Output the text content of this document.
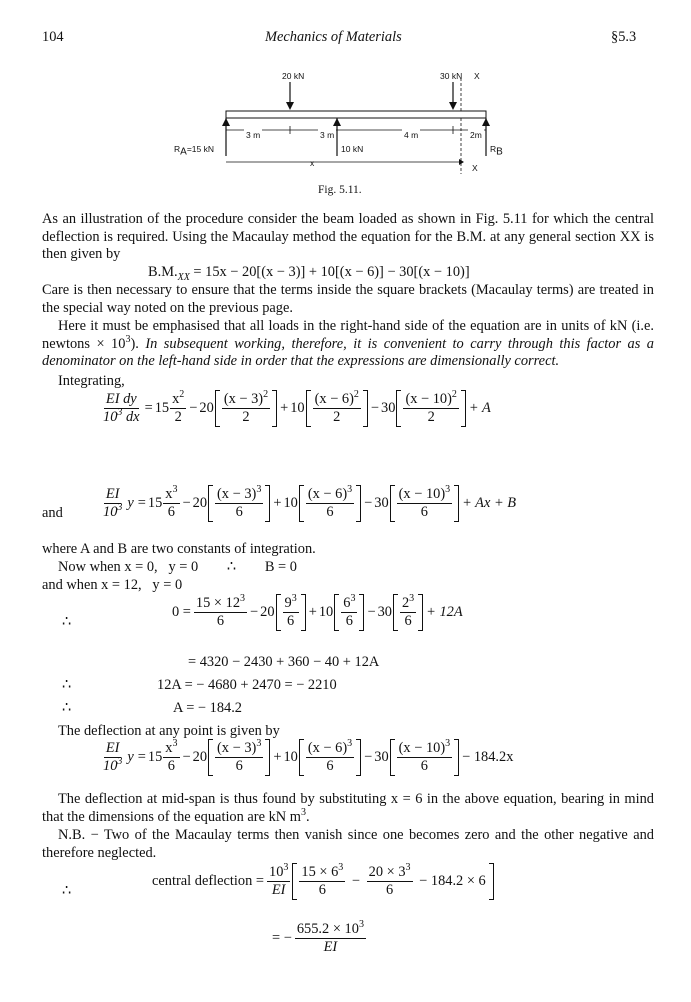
104	Mechanics of Materials	§5.3
20 kN	30 kN X
3 m	3 m	4 m	2m
$R_A=15$ kN	$R_B$
10 kN
x	X
Fig. 5.11.

As an illustration of the procedure consider the beam loaded as shown in Fig. 5.11 for which the central deflection is required. Using the Macaulay method the equation for the B.M. at any general section XX is then given by

$B.M._{XX} = 15x - 20[(x - 3)] + 10[(x - 6)] - 30[(x - 10)]$

Care is then necessary to ensure that the terms inside the square brackets (Macaulay terms) are treated in the special way noted on the previous page.

Here it must be emphasised that all loads in the right-hand side of the equation are in units of kN (i.e. newtons × $10^3$). In subsequent working, therefore, it is convenient to carry through this factor as a denominator on the left-hand side in order that the expressions are dimensionally correct.

Integrating,
$\frac{\text{EI dy}}{10^3 dx} = 15 \frac{x^2}{2} - 20 \frac{(x - 3)^2}{2} + 10 \frac{(x - 6)^2}{2} - 30 \frac{(x - 10)^2}{2} + A$
and	$\frac{EI}{10^3}$ $y = 15 \frac{x^3}{6} - 20 \frac{(x - 3)^3}{6} + 10 \frac{(x - 6)^3}{6} - 30 \frac{(x - 10)^3}{6} + Ax + B$
where A and B are two constants of integration.
Now when x = 0,   y = 0        ∴        B = 0
and when x = 12,   y = 0
∴
$0 = \frac{15 \times 12^3}{6} - 20 \frac{9^3}{6} + 10 \frac{6^3}{6} - 30 \frac{2^3}{6} + 12A$
= 4320 − 2430 + 360 − 40 + 12A
∴	12A = − 4680 + 2470 = − 2210
∴	A = − 184.2
The deflection at any point is given by
$\frac{EI}{10^3}$ $y = 15 \frac{x^3}{6} - 20 \frac{(x - 3)^3}{6} + 10 \frac{(x - 6)^3}{6} - 30 \frac{(x - 10)^3}{6} - 184.2x$

The deflection at mid-span is thus found by substituting x = 6 in the above equation, bearing in mind that the dimensions of the equation are kN $m^3$.

N.B. − Two of the Macaulay terms then vanish since one becomes zero and the other negative and therefore neglected.

∴
central deflection = $\frac{10^3}{EI} \frac{15 \times 6^3}{6} - \frac{20 \times 3^3}{6} - 184.2 \times 6$
= − $\frac{655.2 \times 10^3}{EI}$
